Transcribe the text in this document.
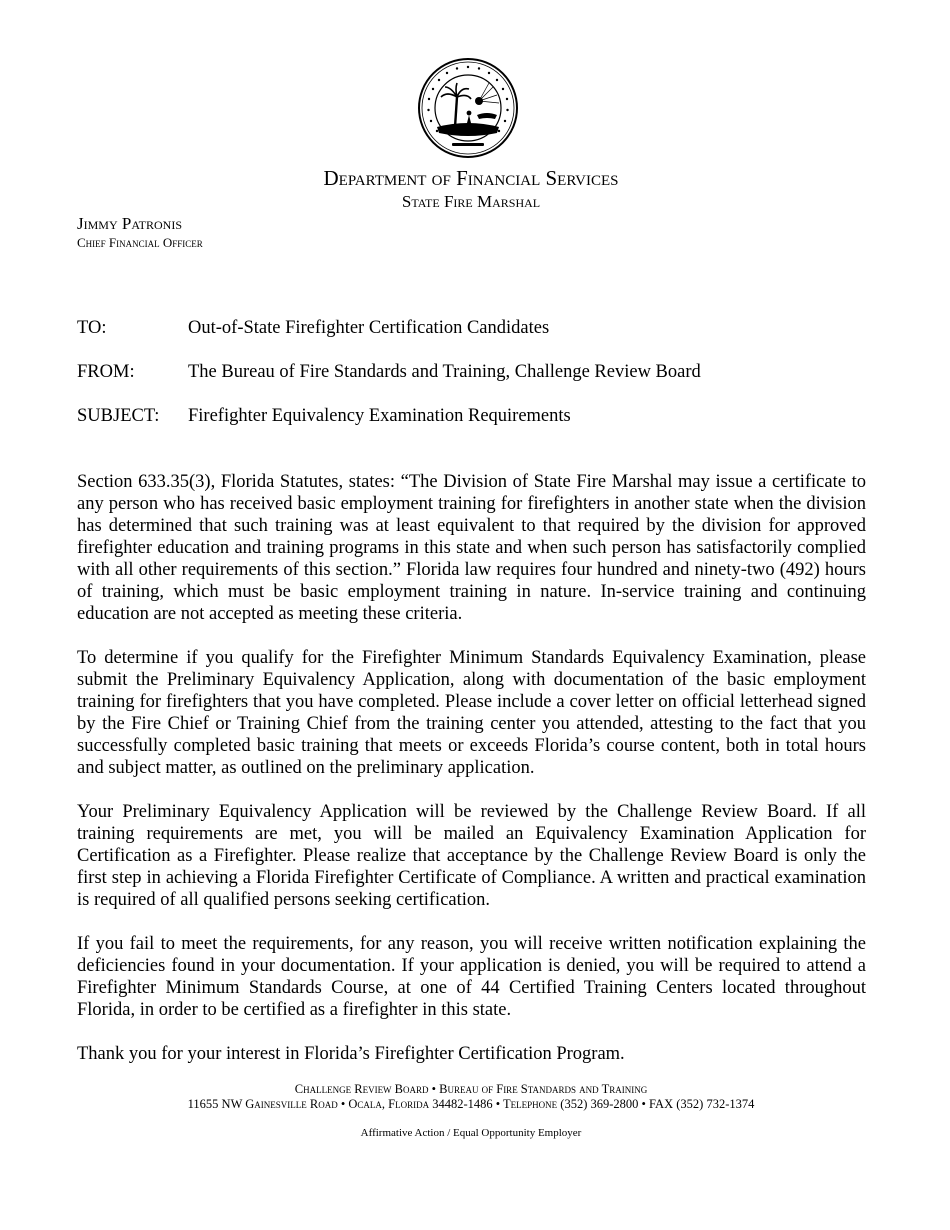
Department of Financial Services
State Fire Marshal
Jimmy Patronis
Chief Financial Officer
TO:	Out-of-State Firefighter Certification Candidates
FROM:	The Bureau of Fire Standards and Training, Challenge Review Board
SUBJECT: Firefighter Equivalency Examination Requirements

Section 633.35(3), Florida Statutes, states: “The Division of State Fire Marshal may issue a certificate to any person who has received basic employment training for firefighters in another state when the division has determined that such training was at least equivalent to that required by the division for approved firefighter education and training programs in this state and when such person has satisfactorily complied with all other requirements of this section.” Florida law requires four hundred and ninety-two (492) hours of training, which must be basic employment training in nature. In-service training and continuing education are not accepted as meeting these criteria.

To determine if you qualify for the Firefighter Minimum Standards Equivalency Examination, please submit the Preliminary Equivalency Application, along with documentation of the basic employment training for firefighters that you have completed. Please include a cover letter on official letterhead signed by the Fire Chief or Training Chief from the training center you attended, attesting to the fact that you successfully completed basic training that meets or exceeds Florida’s course content, both in total hours and subject matter, as outlined on the preliminary application.

Your Preliminary Equivalency Application will be reviewed by the Challenge Review Board. If all training requirements are met, you will be mailed an Equivalency Examination Application for Certification as a Firefighter. Please realize that acceptance by the Challenge Review Board is only the first step in achieving a Florida Firefighter Certificate of Compliance. A written and practical examination is required of all qualified persons seeking certification.

If you fail to meet the requirements, for any reason, you will receive written notification explaining the deficiencies found in your documentation. If your application is denied, you will be required to attend a Firefighter Minimum Standards Course, at one of 44 Certified Training Centers located throughout Florida, in order to be certified as a firefighter in this state.

Thank you for your interest in Florida’s Firefighter Certification Program.

Challenge Review Board • Bureau of Fire Standards and Training
11655 NW Gainesville Road • Ocala, Florida 34482-1486 • Telephone (352) 369-2800 • FAX (352) 732-1374
Affirmative Action / Equal Opportunity Employer
